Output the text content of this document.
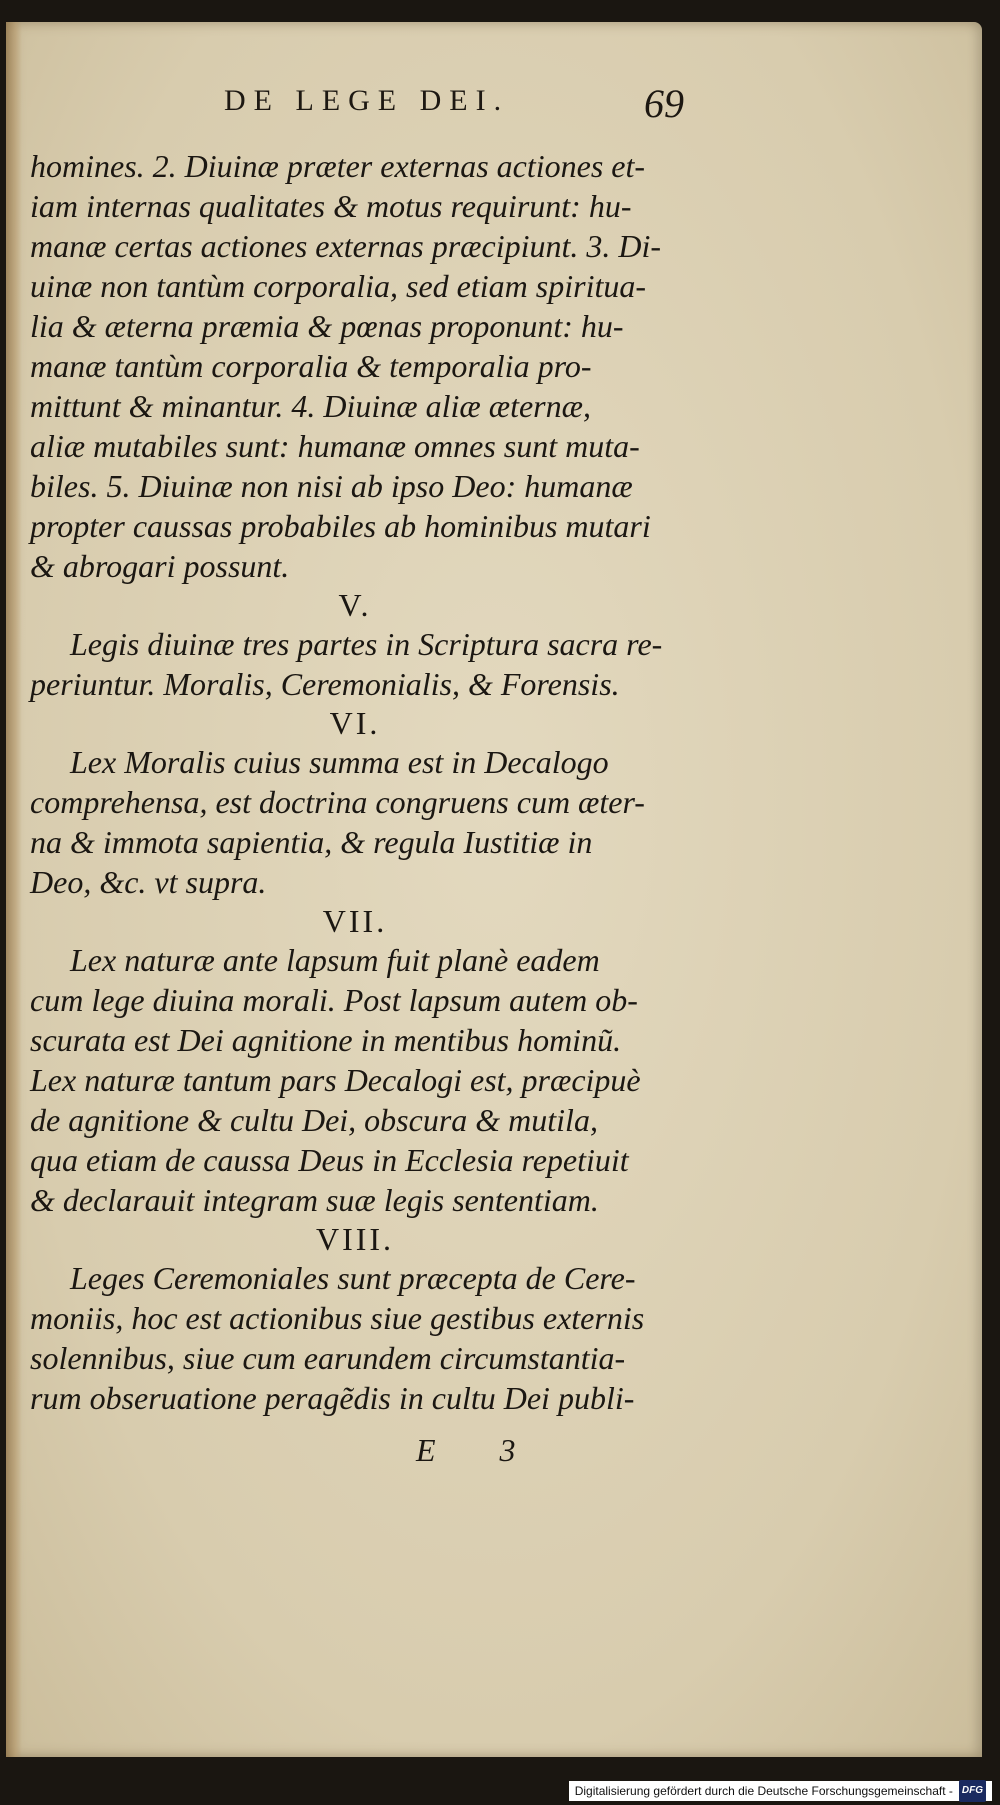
DE LEGE DEI.	69
homines. 2. Diuinæ præter externas actiones et-
iam internas qualitates & motus requirunt: hu-
manæ certas actiones externas præcipiunt. 3. Di-
uinæ non tantùm corporalia, sed etiam spiritua-
lia & æterna præmia & pœnas proponunt: hu-
manæ tantùm corporalia & temporalia pro-
mittunt & minantur. 4. Diuinæ aliæ æternæ,
aliæ mutabiles sunt: humanæ omnes sunt muta-
biles. 5. Diuinæ non nisi ab ipso Deo: humanæ
propter caussas probabiles ab hominibus mutari
& abrogari possunt.
V.
Legis diuinæ tres partes in Scriptura sacra re-
periuntur. Moralis, Ceremonialis, & Forensis.
VI.
Lex Moralis cuius summa est in Decalogo
comprehensa, est doctrina congruens cum æter-
na & immota sapientia, & regula Iustitiæ in
Deo, &c. vt supra.
VII.
Lex naturæ ante lapsum fuit planè eadem
cum lege diuina morali. Post lapsum autem ob-
scurata est Dei agnitione in mentibus hominũ.
Lex naturæ tantum pars Decalogi est, præcipuè
de agnitione & cultu Dei, obscura & mutila,
qua etiam de caussa Deus in Ecclesia repetiuit
& declarauit integram suæ legis sententiam.
VIII.
Leges Ceremoniales sunt præcepta de Cere-
moniis, hoc est actionibus siue gestibus externis
solennibus, siue cum earundem circumstantia-
rum obseruatione peragẽdis in cultu Dei publi-
E 3
Digitalisierung gefördert durch die Deutsche Forschungsgemeinschaft - DFG
